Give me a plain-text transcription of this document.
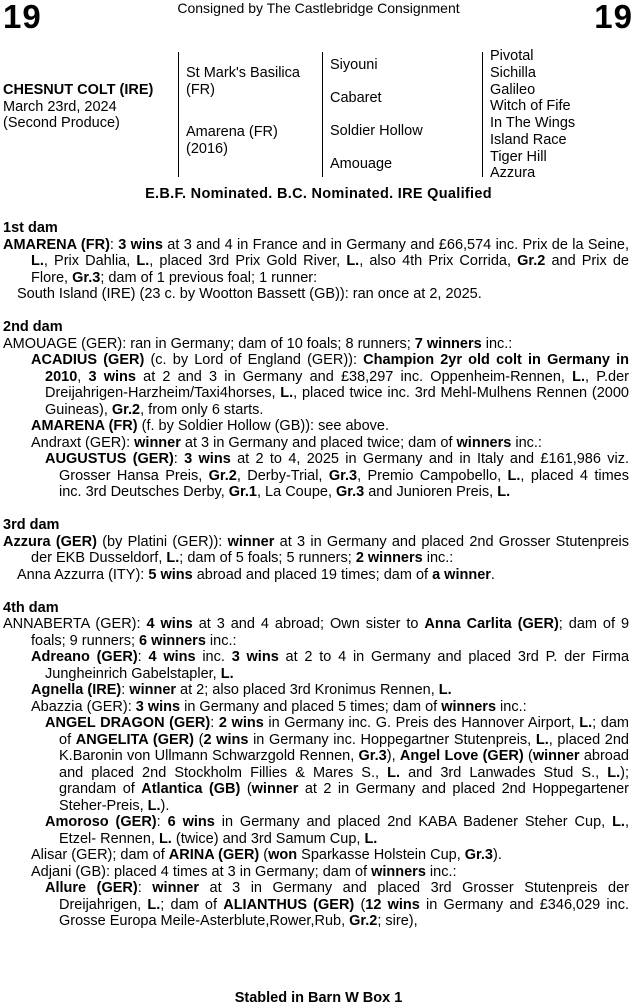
19	Consigned by The Castlebridge Consignment	19
CHESNUT COLT (IRE)
March 23rd, 2024
(Second Produce)
St Mark's Basilica (FR)
Amarena (FR) (2016)
Siyouni
Cabaret
Soldier Hollow
Amouage
Pivotal
Sichilla
Galileo
Witch of Fife
In The Wings
Island Race
Tiger Hill
Azzura
E.B.F. Nominated. B.C. Nominated. IRE Qualified
1st dam
AMARENA (FR): 3 wins at 3 and 4 in France and in Germany and £66,574 inc. Prix de la Seine, L., Prix Dahlia, L., placed 3rd Prix Gold River, L., also 4th Prix Corrida, Gr.2 and Prix de Flore, Gr.3; dam of 1 previous foal; 1 runner:
South Island (IRE) (23 c. by Wootton Bassett (GB)): ran once at 2, 2025.
2nd dam
AMOUAGE (GER): ran in Germany; dam of 10 foals; 8 runners; 7 winners inc.:
ACADIUS (GER) (c. by Lord of England (GER)): Champion 2yr old colt in Germany in 2010, 3 wins at 2 and 3 in Germany and £38,297 inc. Oppenheim-Rennen, L., P.der Dreijahrigen-Harzheim/Taxi4horses, L., placed twice inc. 3rd Mehl-Mulhens Rennen (2000 Guineas), Gr.2, from only 6 starts.
AMARENA (FR) (f. by Soldier Hollow (GB)): see above.
Andraxt (GER): winner at 3 in Germany and placed twice; dam of winners inc.:
AUGUSTUS (GER): 3 wins at 2 to 4, 2025 in Germany and in Italy and £161,986 viz. Grosser Hansa Preis, Gr.2, Derby-Trial, Gr.3, Premio Campobello, L., placed 4 times inc. 3rd Deutsches Derby, Gr.1, La Coupe, Gr.3 and Junioren Preis, L.
3rd dam
Azzura (GER) (by Platini (GER)): winner at 3 in Germany and placed 2nd Grosser Stutenpreis der EKB Dusseldorf, L.; dam of 5 foals; 5 runners; 2 winners inc.:
Anna Azzurra (ITY): 5 wins abroad and placed 19 times; dam of a winner.
4th dam
ANNABERTA (GER): 4 wins at 3 and 4 abroad; Own sister to Anna Carlita (GER); dam of 9 foals; 9 runners; 6 winners inc.:
Adreano (GER): 4 wins inc. 3 wins at 2 to 4 in Germany and placed 3rd P. der Firma Jungheinrich Gabelstapler, L.
Agnella (IRE): winner at 2; also placed 3rd Kronimus Rennen, L.
Abazzia (GER): 3 wins in Germany and placed 5 times; dam of winners inc.:
ANGEL DRAGON (GER): 2 wins in Germany inc. G. Preis des Hannover Airport, L.; dam of ANGELITA (GER) (2 wins in Germany inc. Hoppegartner Stutenpreis, L., placed 2nd K.Baronin von Ullmann Schwarzgold Rennen, Gr.3), Angel Love (GER) (winner abroad and placed 2nd Stockholm Fillies & Mares S., L. and 3rd Lanwades Stud S., L.); grandam of Atlantica (GB) (winner at 2 in Germany and placed 2nd Hoppegartener Steher-Preis, L.).
Amoroso (GER): 6 wins in Germany and placed 2nd KABA Badener Steher Cup, L., Etzel- Rennen, L. (twice) and 3rd Samum Cup, L.
Alisar (GER); dam of ARINA (GER) (won Sparkasse Holstein Cup, Gr.3).
Adjani (GB): placed 4 times at 3 in Germany; dam of winners inc.:
Allure (GER): winner at 3 in Germany and placed 3rd Grosser Stutenpreis der Dreijahrigen, L.; dam of ALIANTHUS (GER) (12 wins in Germany and £346,029 inc. Grosse Europa Meile-Asterblute,Rower,Rub, Gr.2; sire),
Stabled in Barn W Box 1
